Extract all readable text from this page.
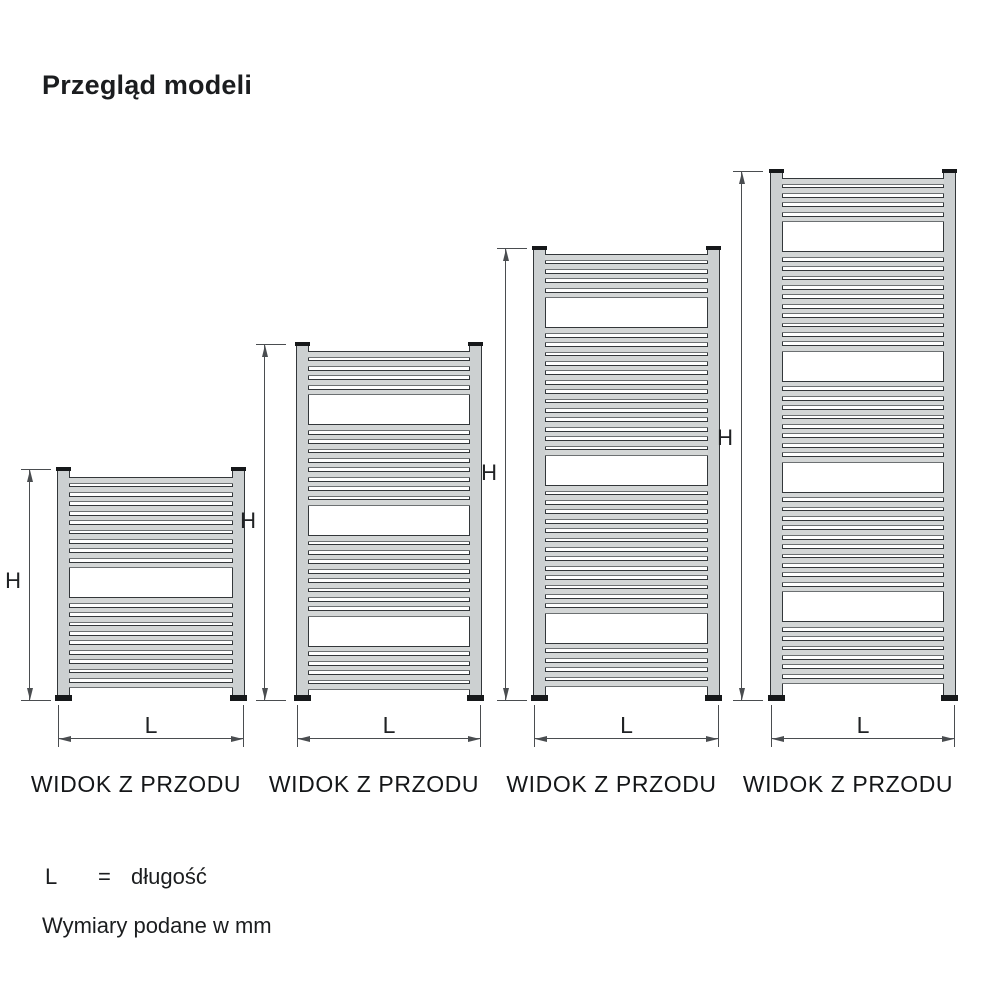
Przegląd modeli
H
L
WIDOK Z PRZODU
H
L
WIDOK Z PRZODU
H
L
WIDOK Z PRZODU
H
L
WIDOK Z PRZODU
L = długość
Wymiary podane w mm
